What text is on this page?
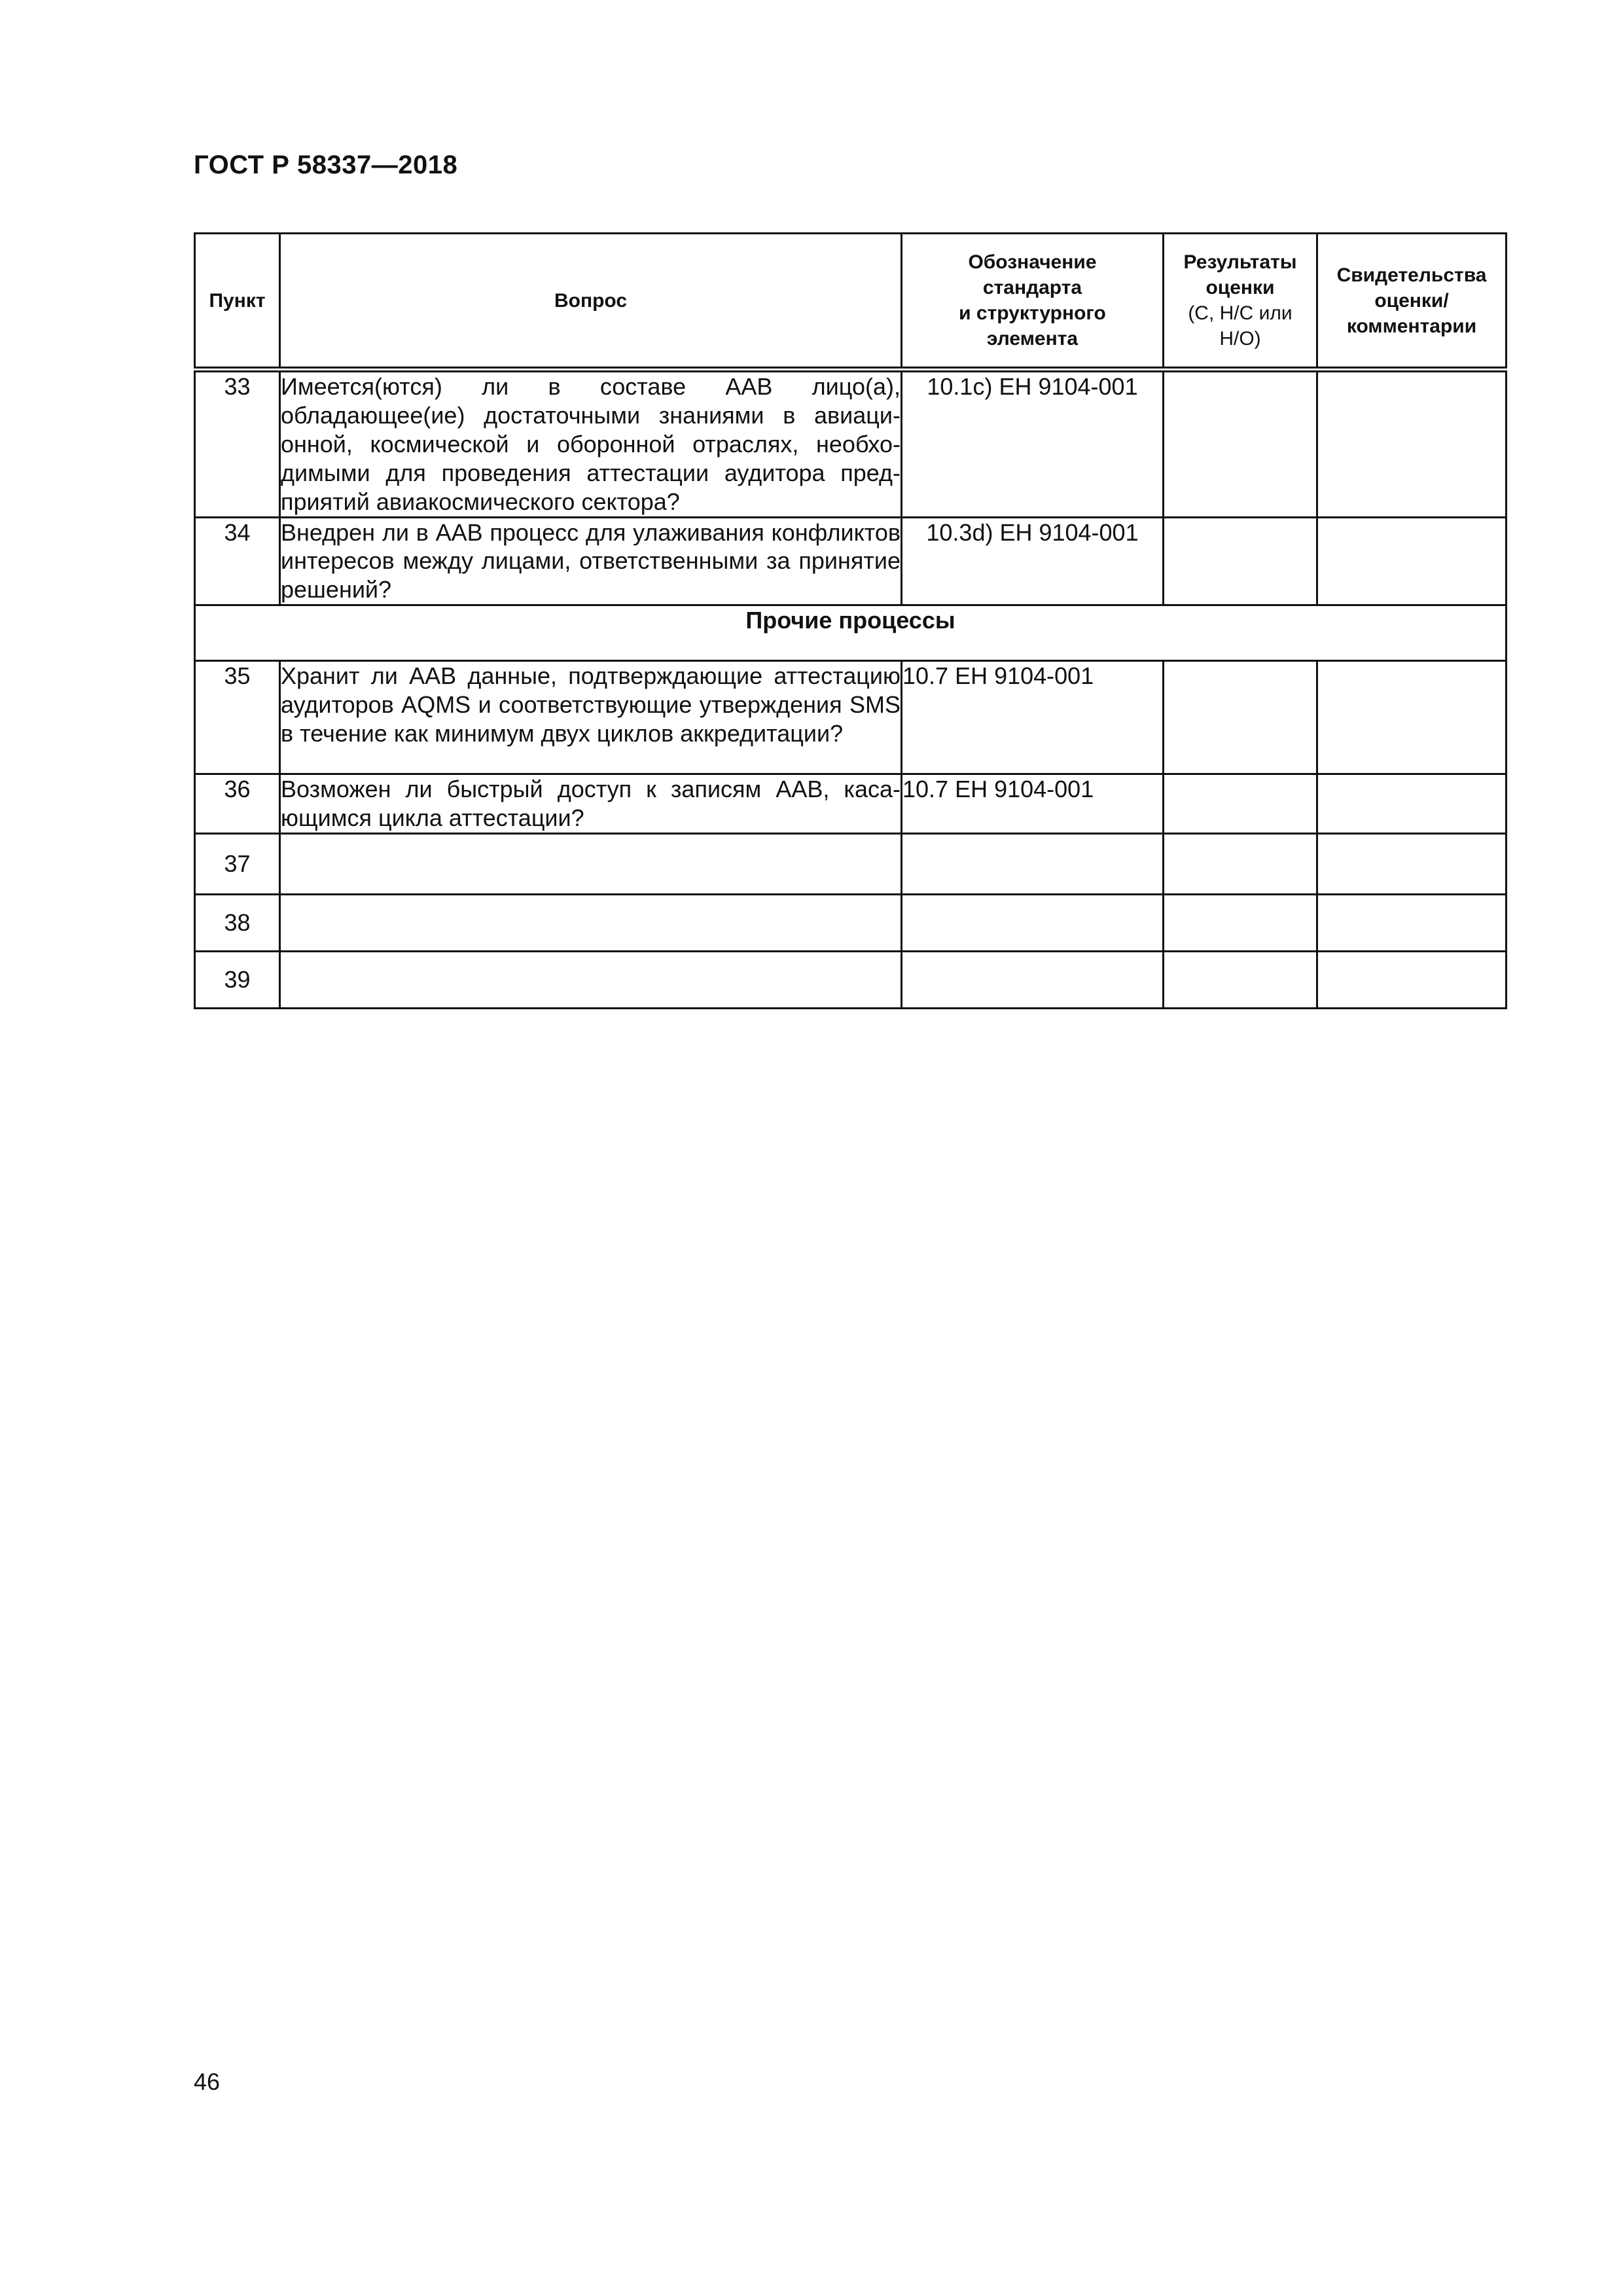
ГОСТ Р 58337—2018
Пункт	Вопрос	Обозначение
стандарта
и структурного
элемента	Результаты
оценки
(С, Н/С или
Н/О)	Свидетельства
оценки/
комментарии

33	Имеется(ются) ли в составе ААВ лицо(а), обладающее(ие) достаточными знаниями в авиационной, космической и оборонной отраслях, необходимыми для проведения аттестации аудитора предприятий авиакосмического сектора?	10.1c) ЕН 9104-001		
34	Внедрен ли в ААВ процесс для улаживания конфликтов интересов между лицами, ответственными за принятие решений?	10.3d) ЕН 9104-001		
Прочие процессы				
35	Хранит ли ААВ данные, подтверждающие аттестацию аудиторов AQMS и соответствующие утверждения SMS в течение как минимум двух циклов аккредитации?	10.7 ЕН 9104-001		
36	Возможен ли быстрый доступ к записям ААВ, касающимся цикла аттестации?	10.7 ЕН 9104-001		
37				
38				
39				
46
